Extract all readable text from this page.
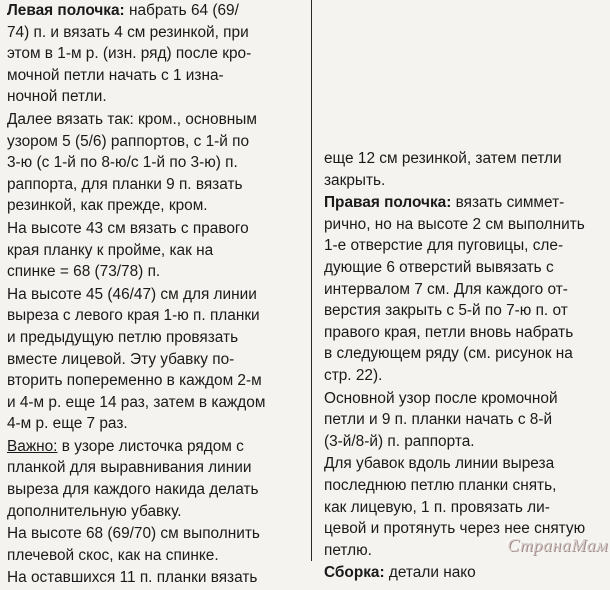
Левая полочка: набрать 64 (69/
74) п. и вязать 4 см резинкой, при
этом в 1-м р. (изн. ряд) после кро-
мочной петли начать с 1 изна-
ночной петли.
Далее вязать так: кром., основным
узором 5 (5/6) раппортов, с 1-й по
3-ю (с 1-й по 8-ю/с 1-й по 3-ю) п.
раппорта, для планки 9 п. вязать
резинкой, как прежде, кром.
На высоте 43 см вязать с правого
края планку к пройме, как на
спинке = 68 (73/78) п.
На высоте 45 (46/47) см для линии
выреза с левого края 1-ю п. планки
и предыдущую петлю провязать
вместе лицевой. Эту убавку по-
вторить попеременно в каждом 2-м
и 4-м р. еще 14 раз, затем в каждом
4-м р. еще 7 раз.
Важно: в узоре листочка рядом с
планкой для выравнивания линии
выреза для каждого накида делать
дополнительную убавку.
На высоте 68 (69/70) см выполнить
плечевой скос, как на спинке.
На оставшихся 11 п. планки вязать
еще 12 см резинкой, затем петли
закрыть.
Правая полочка: вязать симмет-
рично, но на высоте 2 см выполнить
1-е отверстие для пуговицы, сле-
дующие 6 отверстий вывязать с
интервалом 7 см. Для каждого от-
верстия закрыть с 5-й по 7-ю п. от
правого края, петли вновь набрать
в следующем ряду (см. рисунок на
стр. 22).
Основной узор после кромочной
петли и 9 п. планки начать с 8-й
(3-й/8-й) п. раппорта.
Для убавок вдоль линии выреза
последнюю петлю планки снять,
как лицевую, 1 п. провязать ли-
цевой и протянуть через нее снятую
петлю.
Сборка: детали нако
СтранаМам
